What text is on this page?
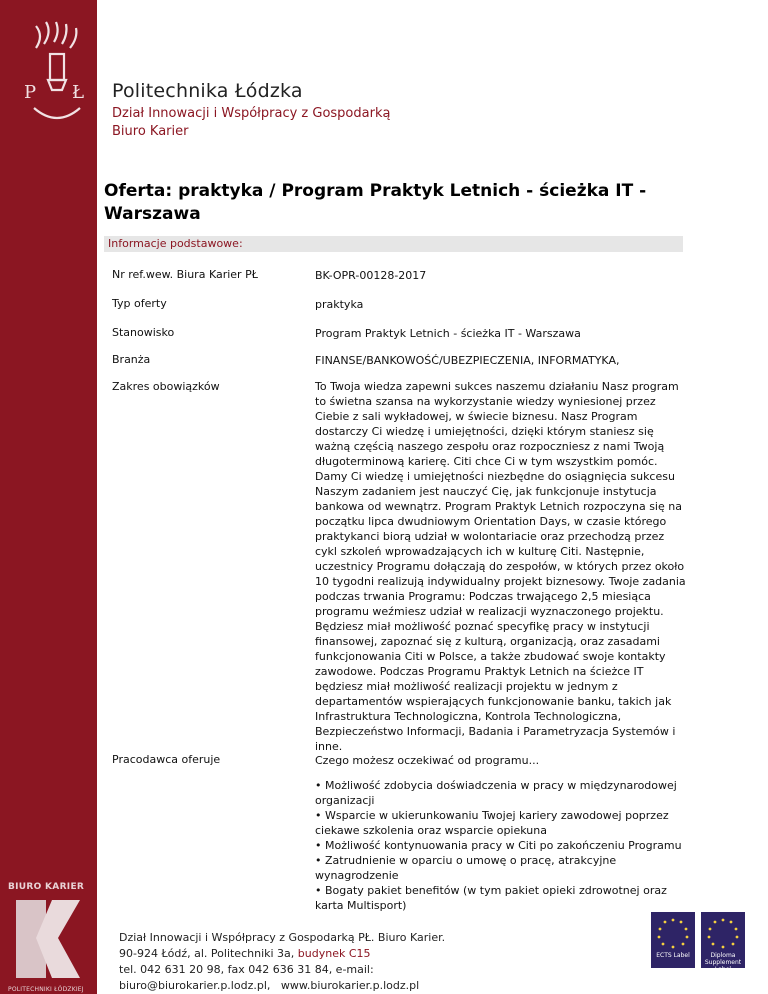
P Ł Politechnika Łódzka
Dział Innowacji i Współpracy z Gospodarką
Biuro Karier
BIURO KARIER
POLITECHNIKI ŁÓDZKIEJ
Oferta: praktyka / Program Praktyk Letnich - ścieżka IT - Warszawa
Informacje podstawowe:
Nr ref.wew. Biura Karier PŁ	BK-OPR-00128-2017
Typ oferty	praktyka
Stanowisko	Program Praktyk Letnich - ścieżka IT - Warszawa
Branża	FINANSE/BANKOWOŚĆ/UBEZPIECZENIA, INFORMATYKA,
Zakres obowiązków	To Twoja wiedza zapewni sukces naszemu działaniu Nasz program to świetna szansa na wykorzystanie wiedzy wyniesionej przez Ciebie z sali wykładowej, w świecie biznesu. Nasz Program dostarczy Ci wiedzę i umiejętności, dzięki którym staniesz się ważną częścią naszego zespołu oraz rozpoczniesz z nami Twoją długoterminową karierę. Citi chce Ci w tym wszystkim pomóc. Damy Ci wiedzę i umiejętności niezbędne do osiągnięcia sukcesu Naszym zadaniem jest nauczyć Cię, jak funkcjonuje instytucja bankowa od wewnątrz. Program Praktyk Letnich rozpoczyna się na początku lipca dwudniowym Orientation Days, w czasie którego praktykanci biorą udział w wolontariacie oraz przechodzą przez cykl szkoleń wprowadzających ich w kulturę Citi. Następnie, uczestnicy Programu dołączają do zespołów, w których przez około 10 tygodni realizują indywidualny projekt biznesowy. Twoje zadania podczas trwania Programu: Podczas trwającego 2,5 miesiąca programu weźmiesz udział w realizacji wyznaczonego projektu. Będziesz miał możliwość poznać specyfikę pracy w instytucji finansowej, zapoznać się z kulturą, organizacją, oraz zasadami funkcjonowania Citi w Polsce, a także zbudować swoje kontakty zawodowe. Podczas Programu Praktyk Letnich na ścieżce IT będziesz miał możliwość realizacji projektu w jednym z departamentów wspierających funkcjonowanie banku, takich jak Infrastruktura Technologiczna, Kontrola Technologiczna, Bezpieczeństwo Informacji, Badania i Parametryzacja Systemów i inne.
Pracodawca oferuje	Czego możesz oczekiwać od programu...
• Możliwość zdobycia doświadczenia w pracy w międzynarodowej organizacji
• Wsparcie w ukierunkowaniu Twojej kariery zawodowej poprzez ciekawe szkolenia oraz wsparcie opiekuna
• Możliwość kontynuowania pracy w Citi po zakończeniu Programu
• Zatrudnienie w oparciu o umowę o pracę, atrakcyjne wynagrodzenie
• Bogaty pakiet benefitów (w tym pakiet opieki zdrowotnej oraz karta Multisport)
Dział Innowacji i Współpracy z Gospodarką PŁ. Biuro Karier.
90-924 Łódź, al. Politechniki 3a, budynek C15
tel. 042 631 20 98, fax 042 636 31 84, e-mail: biuro@biurokarier.p.lodz.pl, www.biurokarier.p.lodz.pl
ECTS Label	Diploma Supplement Label
